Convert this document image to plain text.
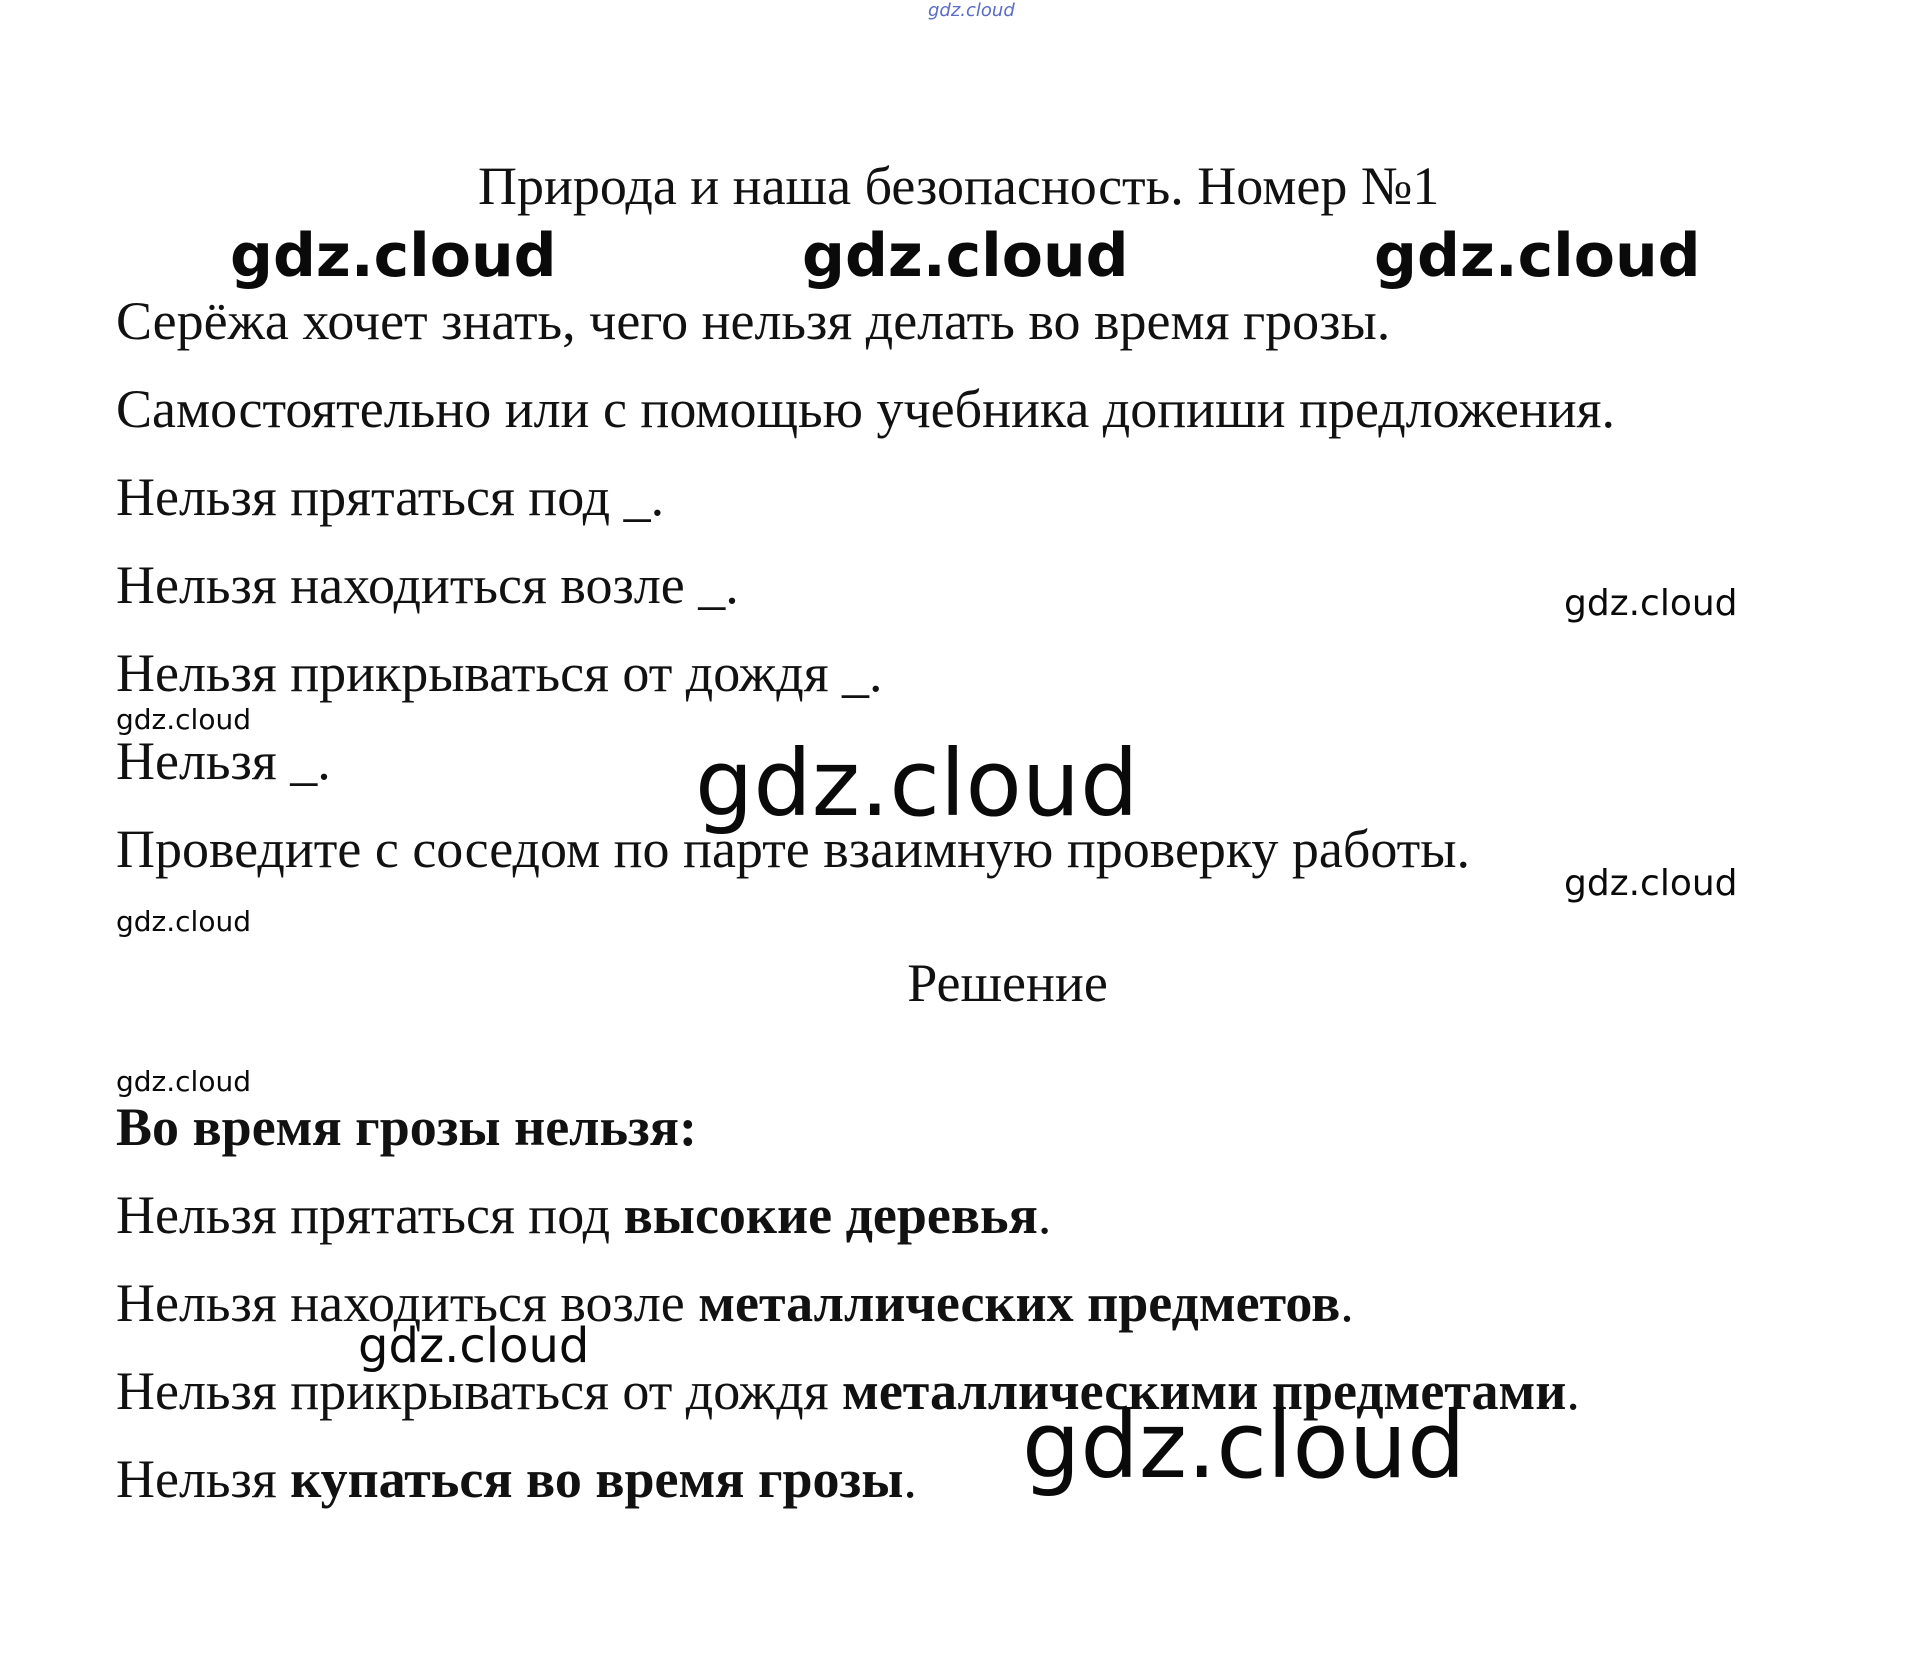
gdz.cloud
Природа и наша безопасность. Номер №1
gdz.cloud	gdz.cloud	gdz.cloud
Серёжа хочет знать, чего нельзя делать во время грозы.
Самостоятельно или с помощью учебника допиши предложения.
Нельзя прятаться под _.
Нельзя находиться возле _.	gdz.cloud
Нельзя прикрываться от дождя _.
gdz.cloud
Нельзя _.	gdz.cloud
Проведите с соседом по парте взаимную проверку работы.
gdz.cloud
gdz.cloud
Решение
gdz.cloud
Во время грозы нельзя:
Нельзя прятаться под высокие деревья.
Нельзя находиться возле металлических предметов.
gdz.cloud
Нельзя прикрываться от дождя металлическими предметами.
Нельзя купаться во время грозы. gdz.cloud
